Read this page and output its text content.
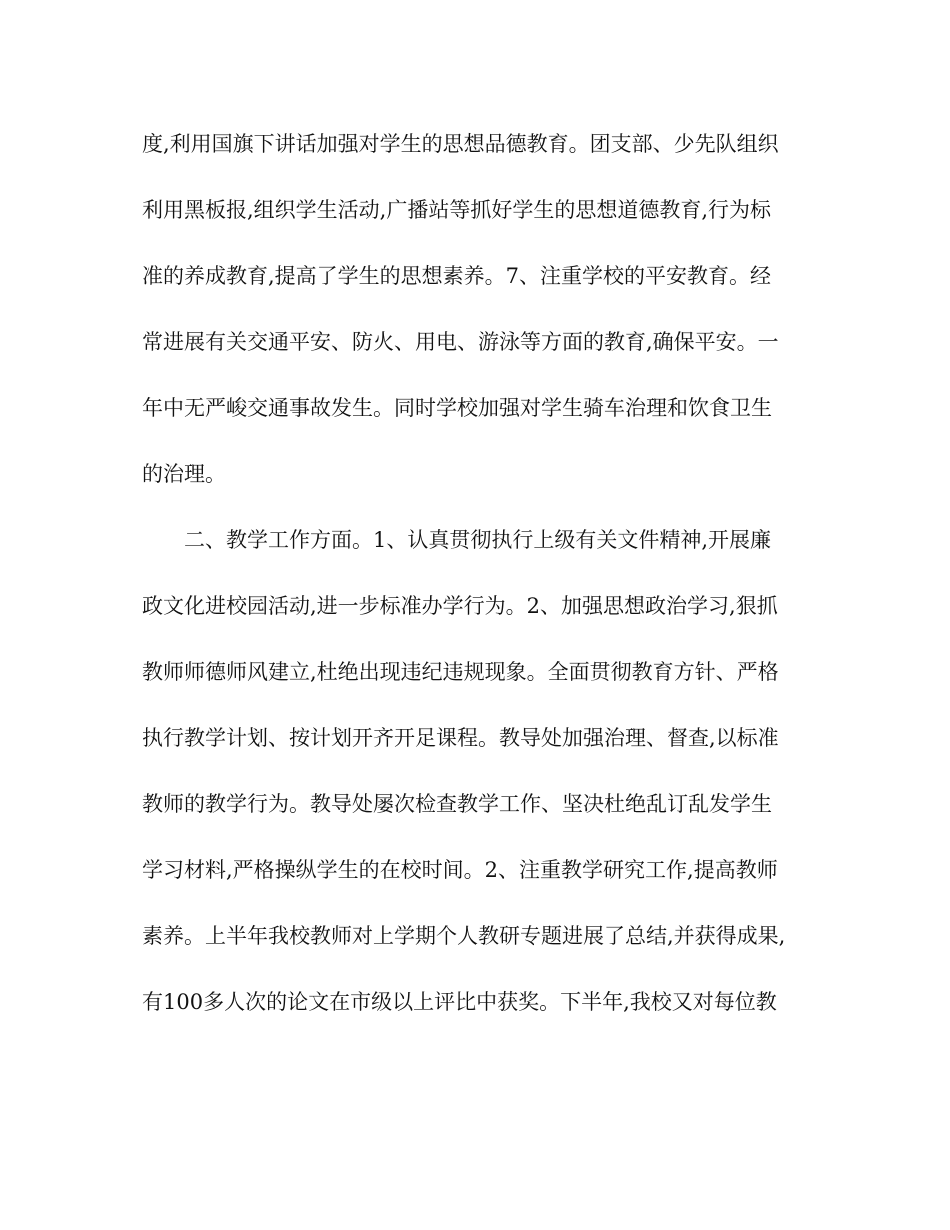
度,利用国旗下讲话加强对学生的思想品德教育。团支部、少先队组织
利用黑板报,组织学生活动,广播站等抓好学生的思想道德教育,行为标
准的养成教育,提高了学生的思想素养。7、注重学校的平安教育。经
常进展有关交通平安、防火、用电、游泳等方面的教育,确保平安。一
年中无严峻交通事故发生。同时学校加强对学生骑车治理和饮食卫生
的治理。
二、教学工作方面。1、认真贯彻执行上级有关文件精神,开展廉
政文化进校园活动,进一步标准办学行为。2、加强思想政治学习,狠抓
教师师德师风建立,杜绝出现违纪违规现象。全面贯彻教育方针、严格
执行教学计划、按计划开齐开足课程。教导处加强治理、督查,以标准
教师的教学行为。教导处屡次检查教学工作、坚决杜绝乱订乱发学生
学习材料,严格操纵学生的在校时间。2、注重教学研究工作,提高教师
素养。上半年我校教师对上学期个人教研专题进展了总结,并获得成果,
有100多人次的论文在市级以上评比中获奖。下半年,我校又对每位教
